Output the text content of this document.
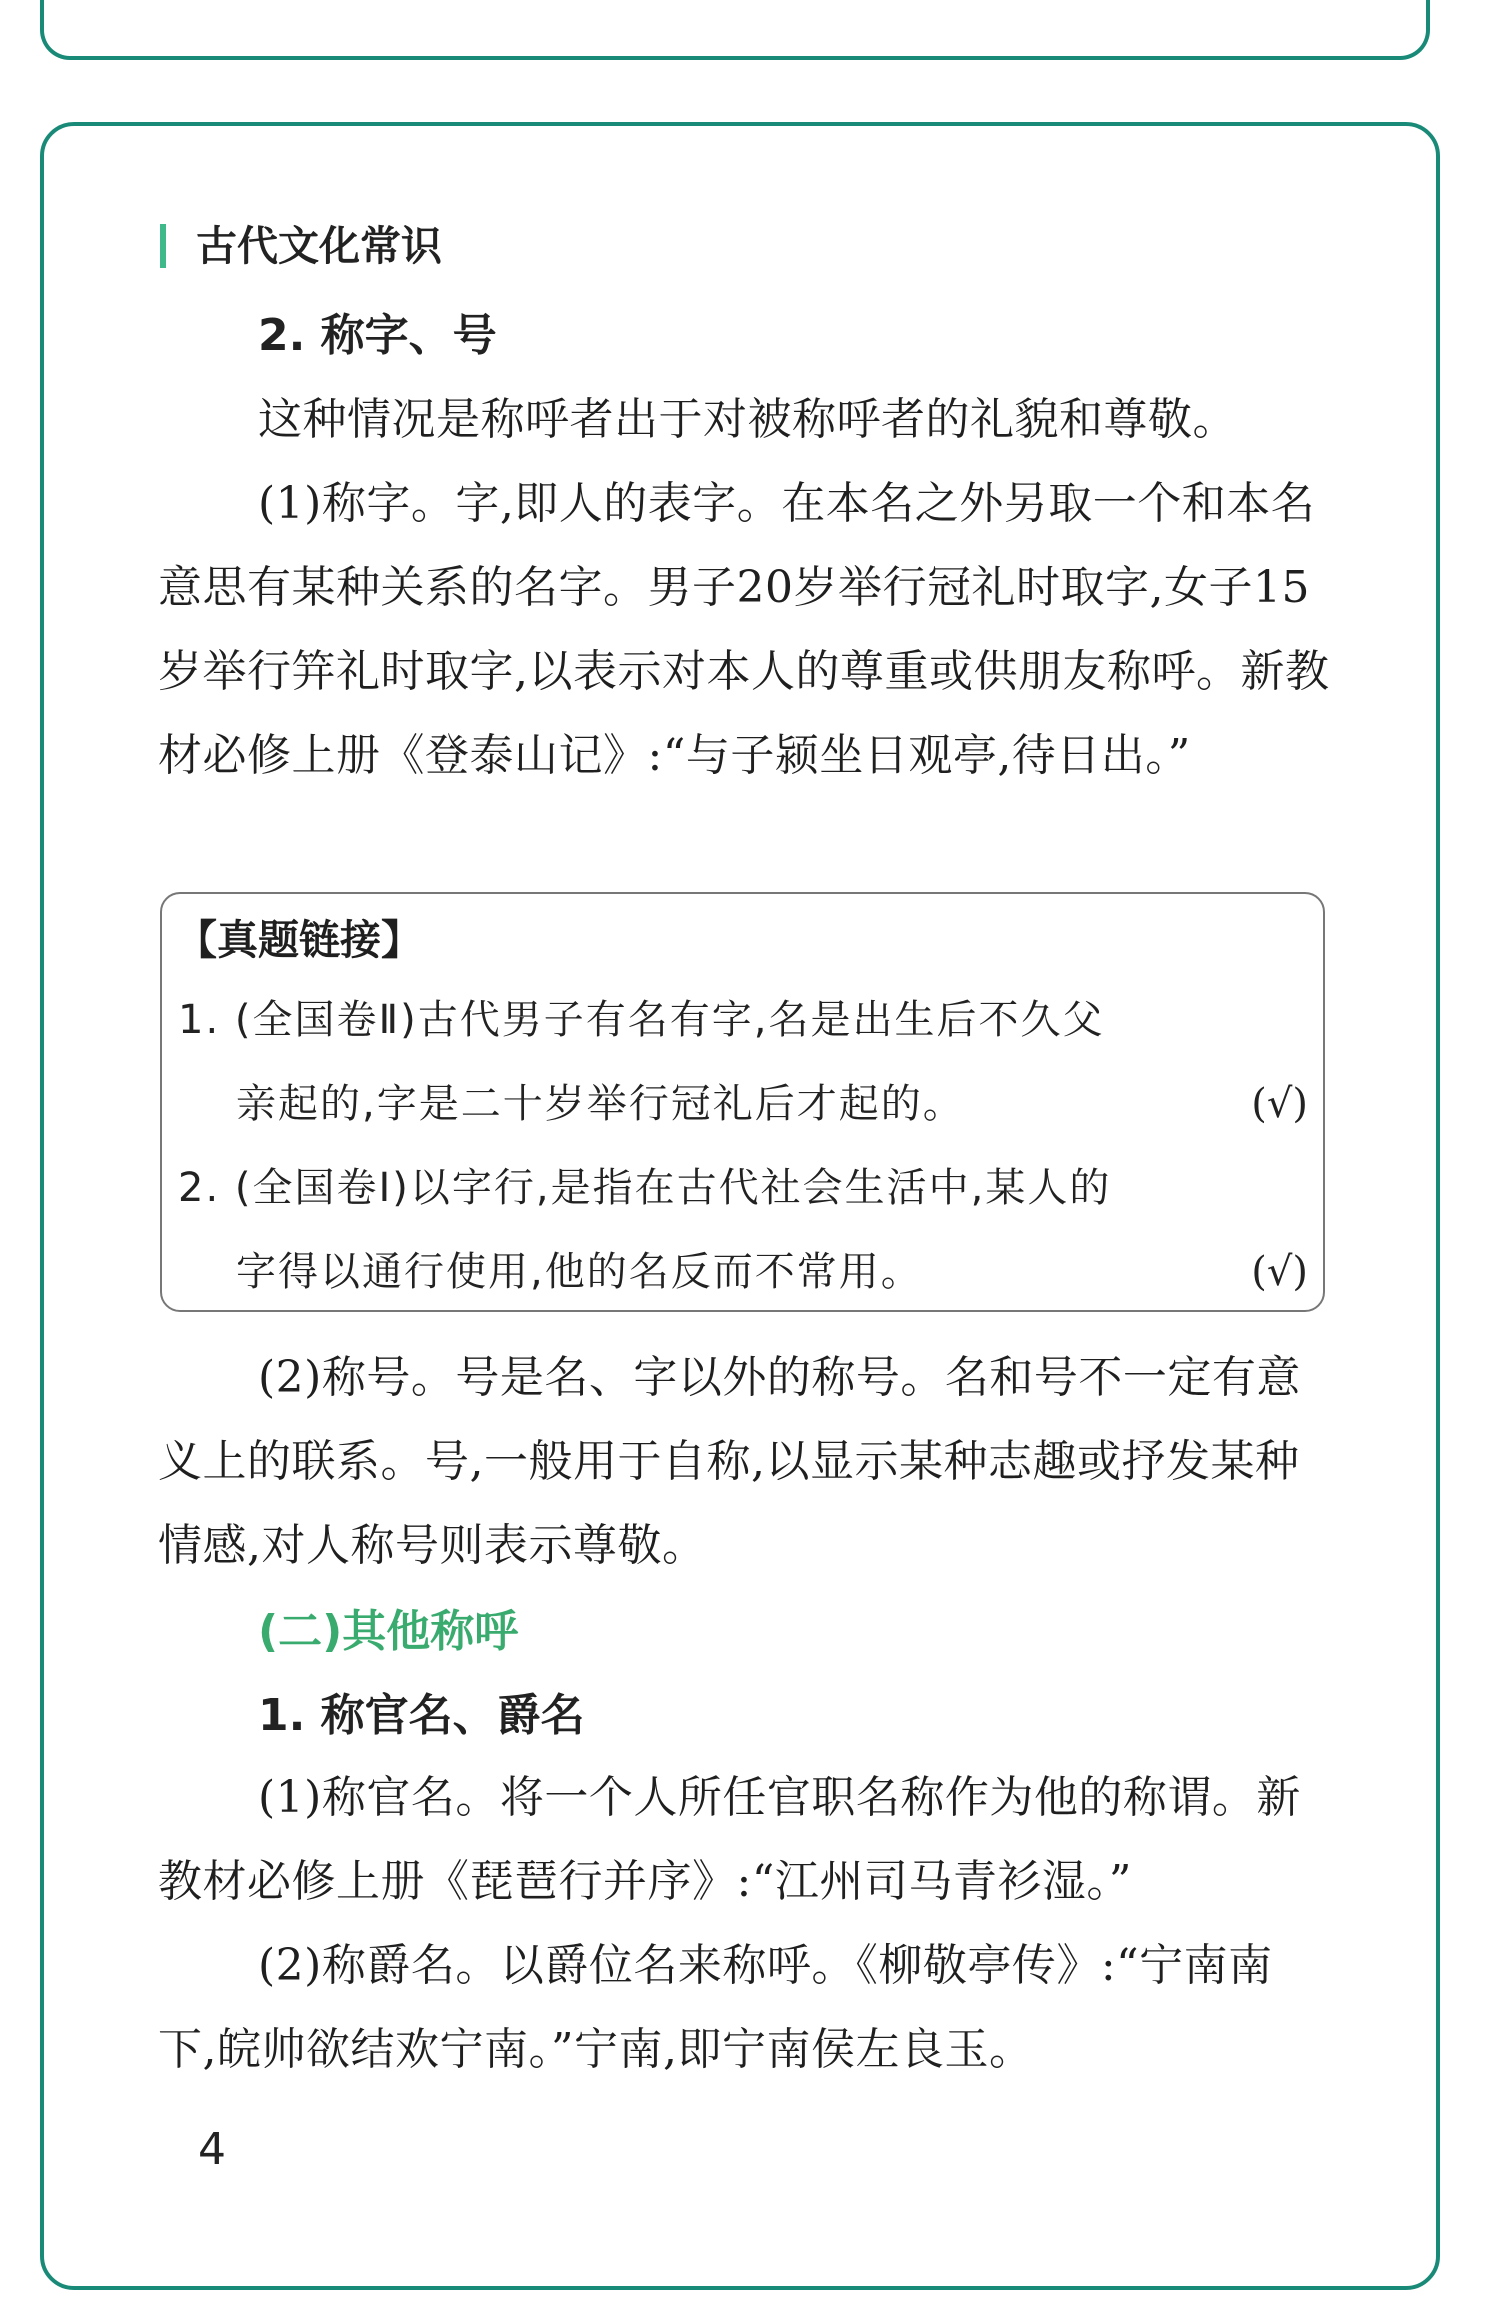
古代文化常识
2. 称字、号

这种情况是称呼者出于对被称呼者的礼貌和尊敬。

(1)称字。字,即人的表字。在本名之外另取一个和本名意思有某种关系的名字。男子20岁举行冠礼时取字,女子15岁举行笄礼时取字,以表示对本人的尊重或供朋友称呼。新教材必修上册《登泰山记》:“与子颍坐日观亭,待日出。”

【真题链接】
1. (全国卷Ⅱ)古代男子有名有字,名是出生后不久父
亲起的,字是二十岁举行冠礼后才起的。	(√)
2. (全国卷Ⅰ)以字行,是指在古代社会生活中,某人的
字得以通行使用,他的名反而不常用。	(√)

(2)称号。号是名、字以外的称号。名和号不一定有意义上的联系。号,一般用于自称,以显示某种志趣或抒发某种情感,对人称号则表示尊敬。

(二)其他称呼
1. 称官名、爵名

(1)称官名。将一个人所任官职名称作为他的称谓。新教材必修上册《琵琶行并序》:“江州司马青衫湿。”

(2)称爵名。以爵位名来称呼。《柳敬亭传》:“宁南南下,皖帅欲结欢宁南。”宁南,即宁南侯左良玉。

4
